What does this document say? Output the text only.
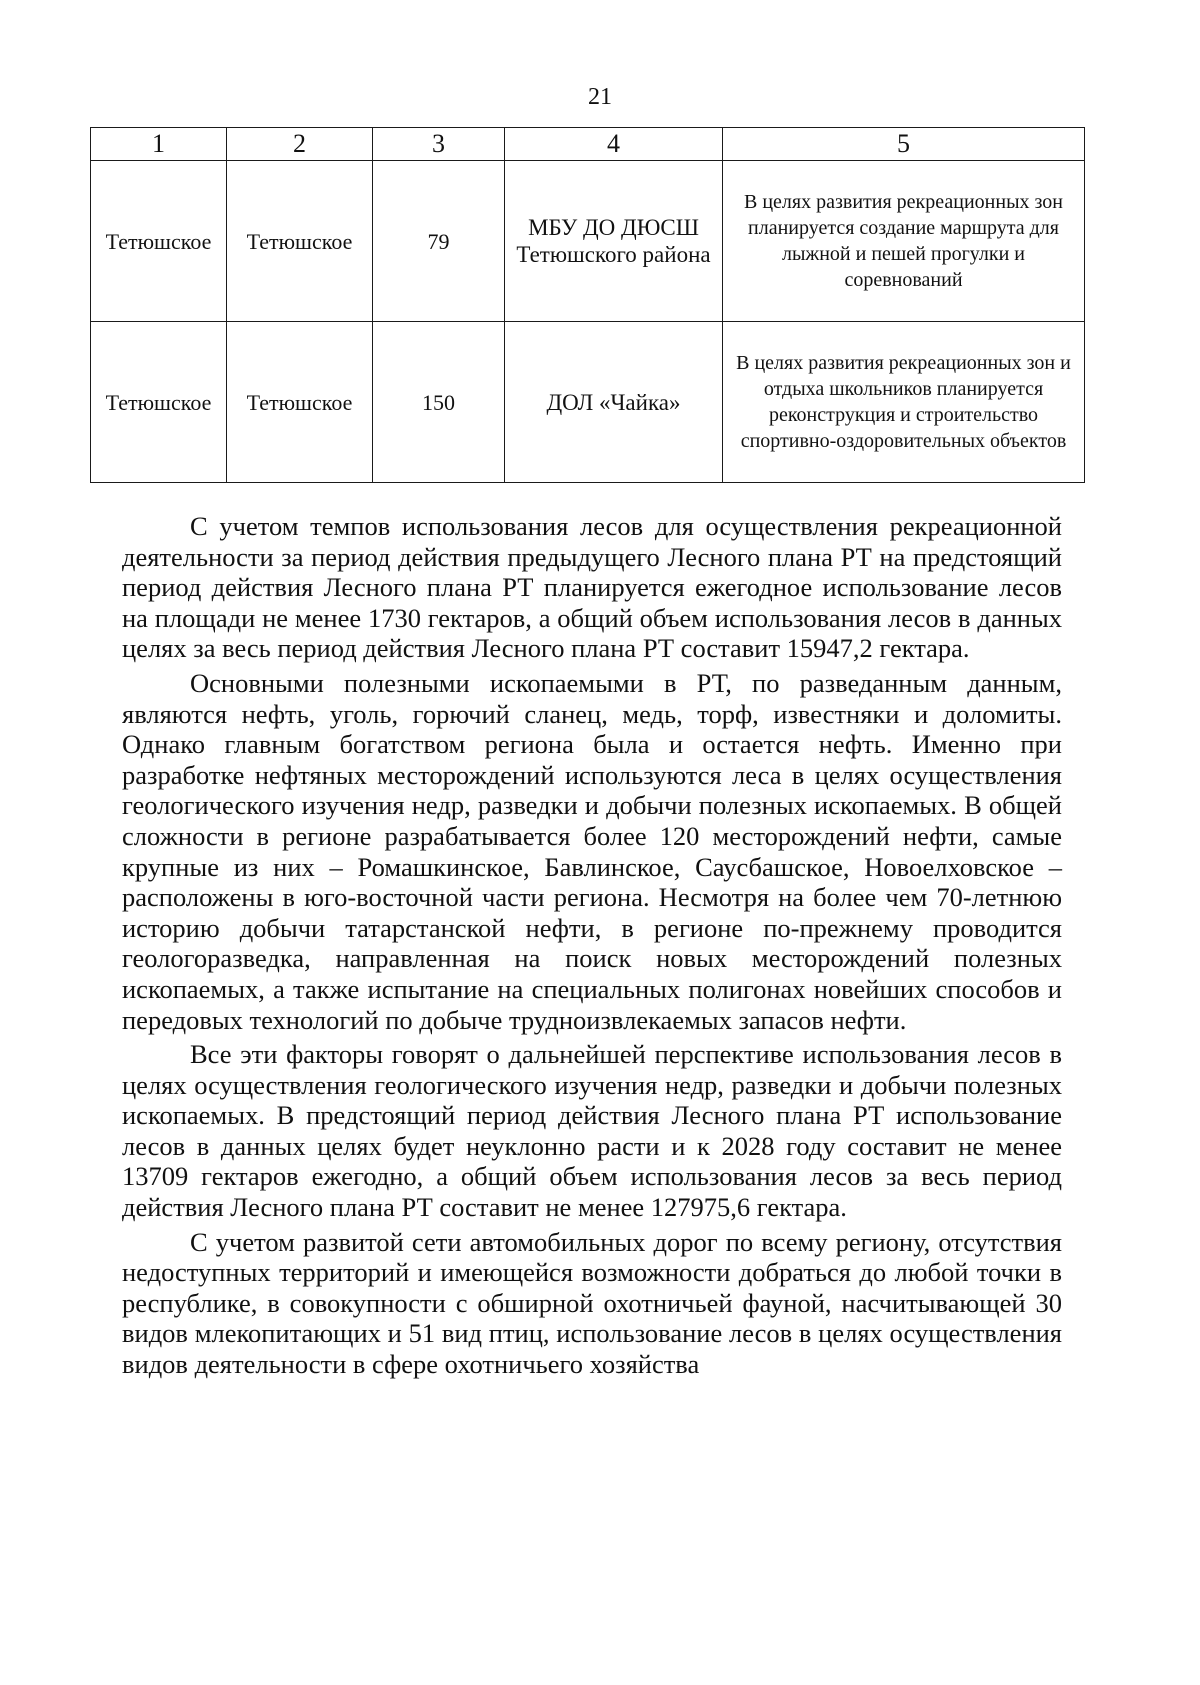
21
1	2	3	4	5
Тетюшское	Тетюшское	79	МБУ ДО ДЮСШ Тетюшского района	В целях развития рекреационных зон планируется создание маршрута для лыжной и пешей прогулки и соревнований
Тетюшское	Тетюшское	150	ДОЛ «Чайка»	В целях развития рекреационных зон и отдыха школьников планируется реконструкция и строительство спортивно-оздоровительных объектов

С учетом темпов использования лесов для осуществления рекреационной деятельности за период действия предыдущего Лесного плана РТ на предстоящий период действия Лесного плана РТ планируется ежегодное использование лесов на площади не менее 1730 гектаров, а общий объем использования лесов в данных целях за весь период действия Лесного плана РТ составит 15947,2 гектара.

Основными полезными ископаемыми в РТ, по разведанным данным, являются нефть, уголь, горючий сланец, медь, торф, известняки и доломиты. Однако главным богатством региона была и остается нефть. Именно при разработке нефтяных месторождений используются леса в целях осуществления геологического изучения недр, разведки и добычи полезных ископаемых. В общей сложности в регионе разрабатывается более 120 месторождений нефти, самые крупные из них – Ромашкинское, Бавлинское, Саусбашское, Новоелховское – расположены в юго-восточной части региона. Несмотря на более чем 70-летнюю историю добычи татарстанской нефти, в регионе по-прежнему проводится геологоразведка, направленная на поиск новых месторождений полезных ископаемых, а также испытание на специальных полигонах новейших способов и передовых технологий по добыче трудноизвлекаемых запасов нефти.

Все эти факторы говорят о дальнейшей перспективе использования лесов в целях осуществления геологического изучения недр, разведки и добычи полезных ископаемых. В предстоящий период действия Лесного плана РТ использование лесов в данных целях будет неуклонно расти и к 2028 году составит не менее 13709 гектаров ежегодно, а общий объем использования лесов за весь период действия Лесного плана РТ составит не менее 127975,6 гектара.

С учетом развитой сети автомобильных дорог по всему региону, отсутствия недоступных территорий и имеющейся возможности добраться до любой точки в республике, в совокупности с обширной охотничьей фауной, насчитывающей 30 видов млекопитающих и 51 вид птиц, использование лесов в целях осуществления видов деятельности в сфере охотничьего хозяйства
